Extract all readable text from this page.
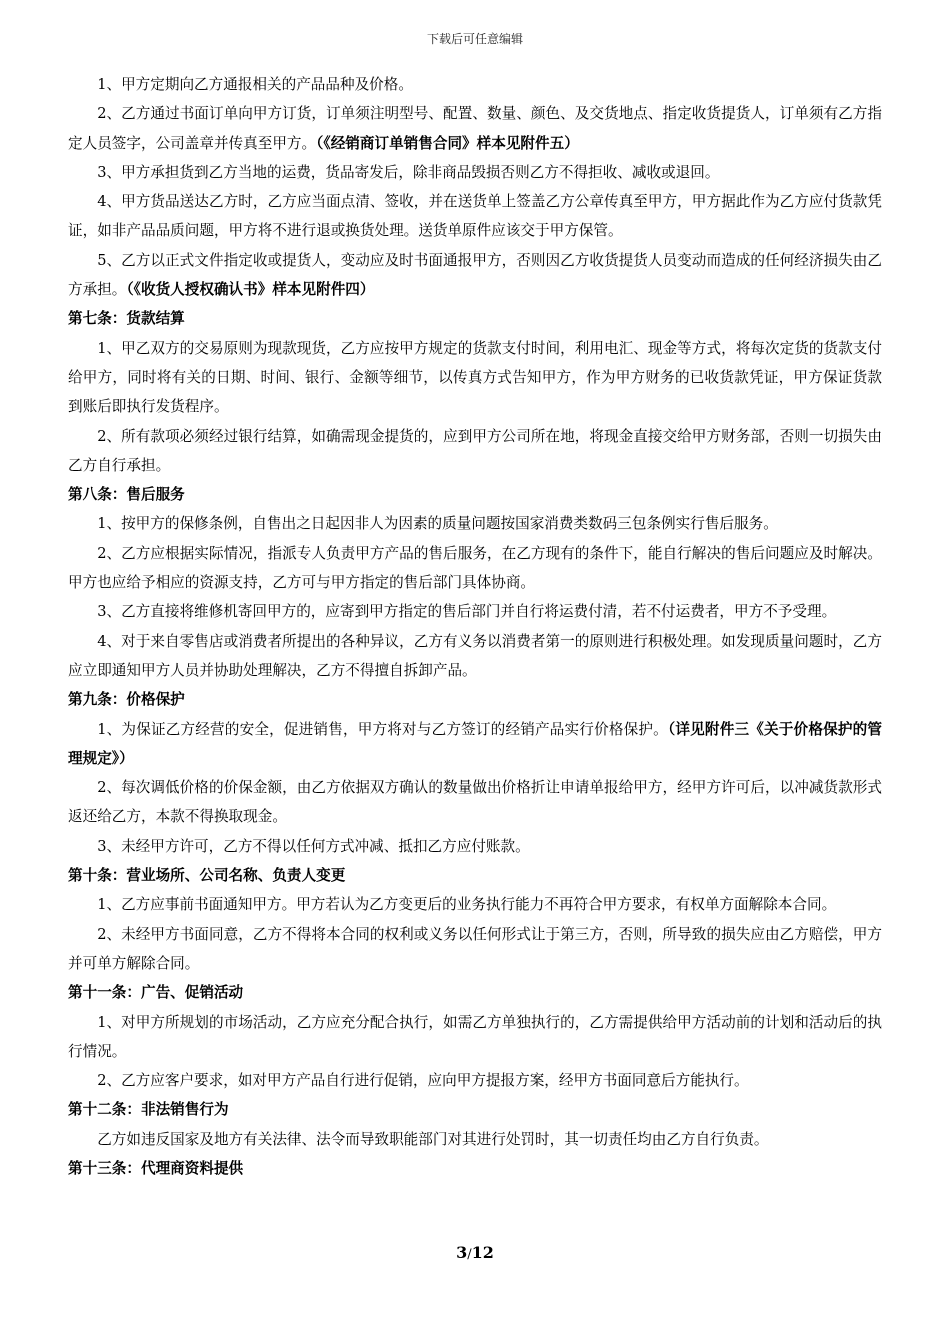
下载后可任意编辑

1、甲方定期向乙方通报相关的产品品种及价格。

2、乙方通过书面订单向甲方订货，订单须注明型号、配置、数量、颜色、及交货地点、指定收货提货人，订单须有乙方指定人员签字，公司盖章并传真至甲方。（《经销商订单销售合同》样本见附件五）

3、甲方承担货到乙方当地的运费，货品寄发后，除非商品毁损否则乙方不得拒收、减收或退回。

4、甲方货品送达乙方时，乙方应当面点清、签收，并在送货单上签盖乙方公章传真至甲方，甲方据此作为乙方应付货款凭证，如非产品品质问题，甲方将不进行退或换货处理。送货单原件应该交于甲方保管。

5、乙方以正式文件指定收或提货人，变动应及时书面通报甲方，否则因乙方收货提货人员变动而造成的任何经济损失由乙方承担。（《收货人授权确认书》样本见附件四）

第七条：货款结算

1、甲乙双方的交易原则为现款现货，乙方应按甲方规定的货款支付时间，利用电汇、现金等方式，将每次定货的货款支付给甲方，同时将有关的日期、时间、银行、金额等细节，以传真方式告知甲方，作为甲方财务的已收货款凭证，甲方保证货款到账后即执行发货程序。

2、所有款项必须经过银行结算，如确需现金提货的，应到甲方公司所在地，将现金直接交给甲方财务部，否则一切损失由乙方自行承担。

第八条：售后服务

1、按甲方的保修条例，自售出之日起因非人为因素的质量问题按国家消费类数码三包条例实行售后服务。

2、乙方应根据实际情况，指派专人负责甲方产品的售后服务，在乙方现有的条件下，能自行解决的售后问题应及时解决。甲方也应给予相应的资源支持，乙方可与甲方指定的售后部门具体协商。

3、乙方直接将维修机寄回甲方的，应寄到甲方指定的售后部门并自行将运费付清，若不付运费者，甲方不予受理。

4、对于来自零售店或消费者所提出的各种异议，乙方有义务以消费者第一的原则进行积极处理。如发现质量问题时，乙方应立即通知甲方人员并协助处理解决，乙方不得擅自拆卸产品。

第九条：价格保护

1、为保证乙方经营的安全，促进销售，甲方将对与乙方签订的经销产品实行价格保护。（详见附件三《关于价格保护的管理规定》）

2、每次调低价格的价保金额，由乙方依据双方确认的数量做出价格折让申请单报给甲方，经甲方许可后，以冲减货款形式返还给乙方，本款不得换取现金。

3、未经甲方许可，乙方不得以任何方式冲减、抵扣乙方应付账款。

第十条：营业场所、公司名称、负责人变更

1、乙方应事前书面通知甲方。甲方若认为乙方变更后的业务执行能力不再符合甲方要求，有权单方面解除本合同。

2、未经甲方书面同意，乙方不得将本合同的权利或义务以任何形式让于第三方，否则，所导致的损失应由乙方赔偿，甲方并可单方解除合同。

第十一条：广告、促销活动

1、对甲方所规划的市场活动，乙方应充分配合执行，如需乙方单独执行的，乙方需提供给甲方活动前的计划和活动后的执行情况。

2、乙方应客户要求，如对甲方产品自行进行促销，应向甲方提报方案，经甲方书面同意后方能执行。

第十二条：非法销售行为

乙方如违反国家及地方有关法律、法令而导致职能部门对其进行处罚时，其一切责任均由乙方自行负责。

第十三条：代理商资料提供

3/12
